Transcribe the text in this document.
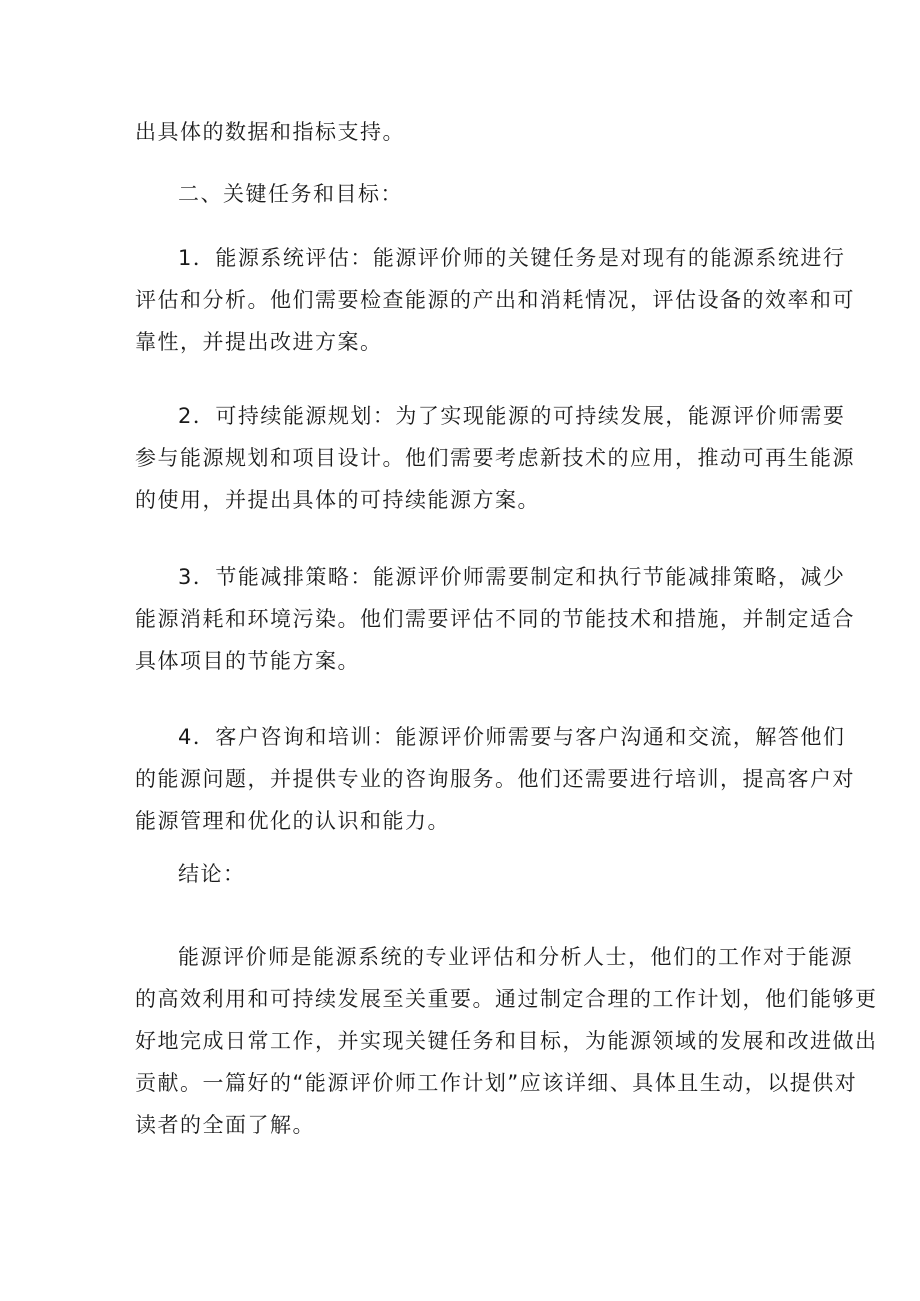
出具体的数据和指标支持。
二、关键任务和目标：
1．能源系统评估：能源评价师的关键任务是对现有的能源系统进行
评估和分析。他们需要检查能源的产出和消耗情况，评估设备的效率和可
靠性，并提出改进方案。
2．可持续能源规划：为了实现能源的可持续发展，能源评价师需要
参与能源规划和项目设计。他们需要考虑新技术的应用，推动可再生能源
的使用，并提出具体的可持续能源方案。
3．节能减排策略：能源评价师需要制定和执行节能减排策略，减少
能源消耗和环境污染。他们需要评估不同的节能技术和措施，并制定适合
具体项目的节能方案。
4．客户咨询和培训：能源评价师需要与客户沟通和交流，解答他们
的能源问题，并提供专业的咨询服务。他们还需要进行培训，提高客户对
能源管理和优化的认识和能力。
结论：
能源评价师是能源系统的专业评估和分析人士，他们的工作对于能源
的高效利用和可持续发展至关重要。通过制定合理的工作计划，他们能够更
好地完成日常工作，并实现关键任务和目标，为能源领域的发展和改进做出
贡献。一篇好的“能源评价师工作计划”应该详细、具体且生动，以提供对
读者的全面了解。
